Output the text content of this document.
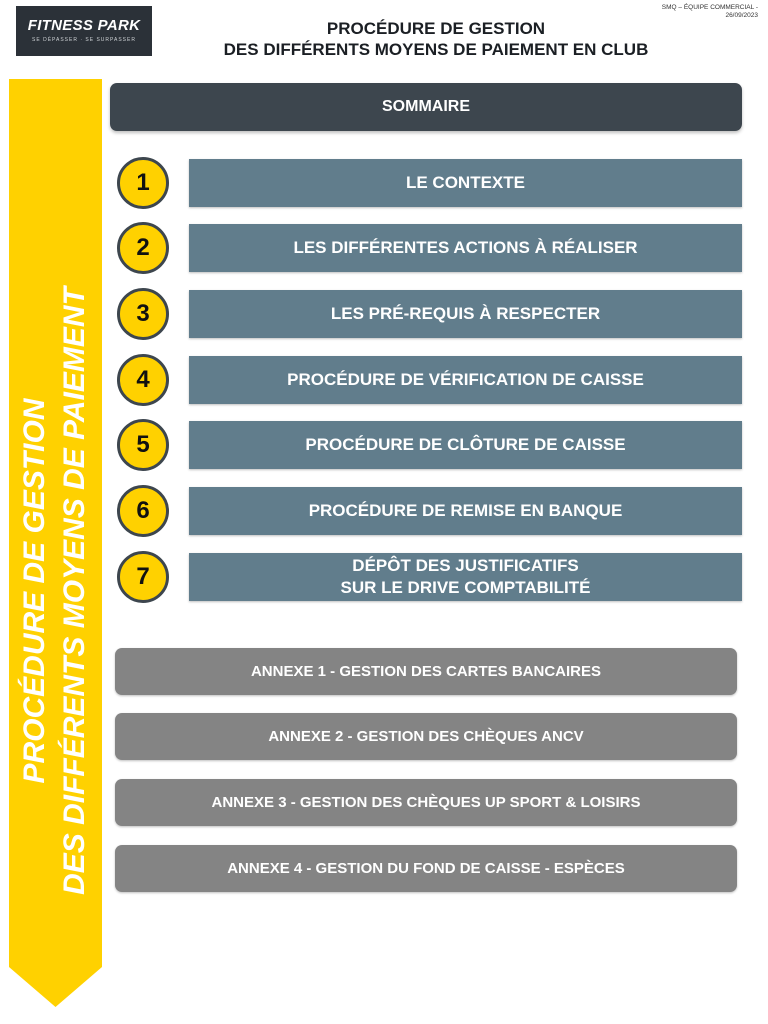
FITNESS PARK
SE DÉPASSER · SE SURPASSER
PROCÉDURE DE GESTION
DES DIFFÉRENTS MOYENS DE PAIEMENT EN CLUB
SMQ – ÉQUIPE COMMERCIAL -
26/09/2023
PROCÉDURE DE GESTION DES DIFFÉRENTS MOYENS DE PAIEMENT
SOMMAIRE
1	LE CONTEXTE
2	LES DIFFÉRENTES ACTIONS À RÉALISER
3	LES PRÉ-REQUIS À RESPECTER
4	PROCÉDURE DE VÉRIFICATION DE CAISSE
5	PROCÉDURE DE CLÔTURE DE CAISSE
6	PROCÉDURE DE REMISE EN BANQUE
7	DÉPÔT DES JUSTIFICATIFS
SUR LE DRIVE COMPTABILITÉ
ANNEXE 1 - GESTION DES CARTES BANCAIRES
ANNEXE 2 - GESTION DES CHÈQUES ANCV
ANNEXE 3 - GESTION DES CHÈQUES UP SPORT & LOISIRS
ANNEXE 4 - GESTION DU FOND DE CAISSE - ESPÈCES
